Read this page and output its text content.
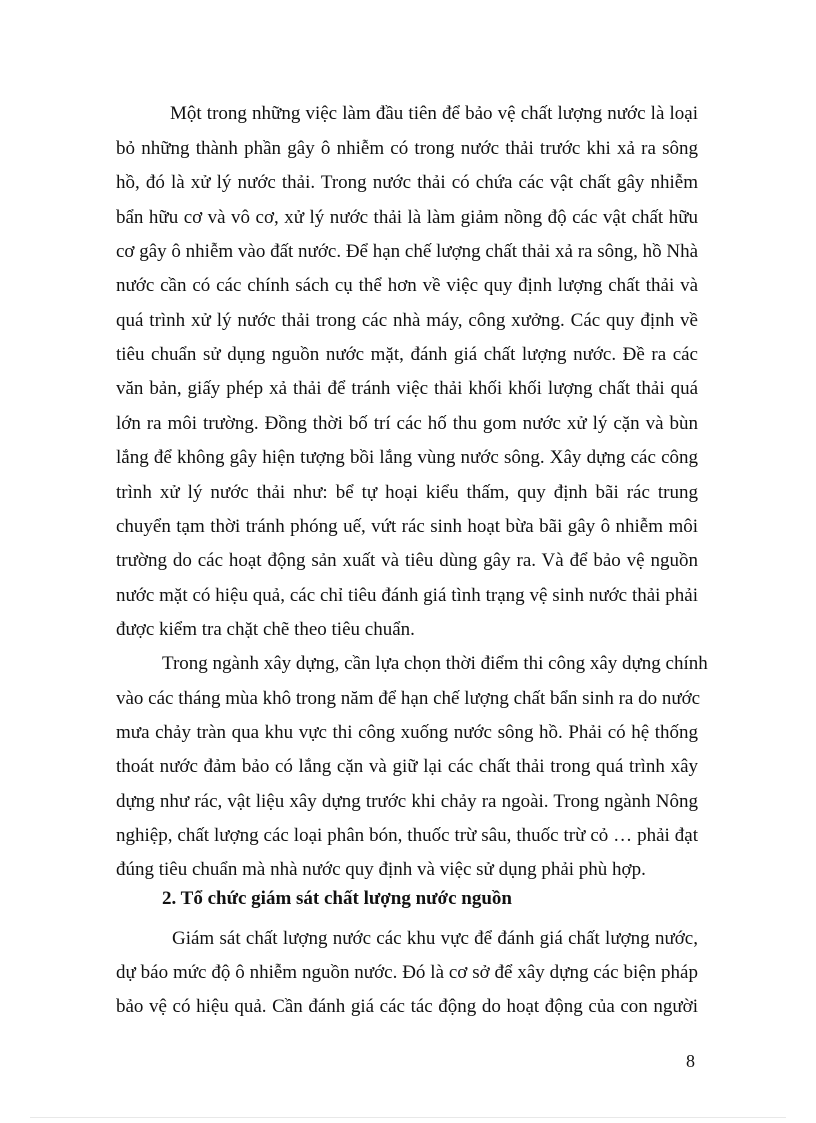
Một trong những việc làm đầu tiên để bảo vệ chất lượng nước là loại
bỏ những thành phần gây ô nhiễm có trong nước thải trước khi xả ra sông
hồ, đó là xử lý nước thải. Trong nước thải có chứa các vật chất gây nhiễm
bẩn hữu cơ và vô cơ, xử lý nước thải là làm giảm nồng độ các vật chất hữu
cơ gây ô nhiễm vào đất nước. Để hạn chế lượng chất thải xả ra sông, hồ Nhà
nước cần có các chính sách cụ thể hơn về việc quy định lượng chất thải và
quá trình xử lý nước thải trong các nhà máy, công xưởng. Các quy định về
tiêu chuẩn sử dụng nguồn nước mặt, đánh giá chất lượng nước. Đề ra các
văn bản, giấy phép xả thải để tránh việc thải khối khối lượng chất thải quá
lớn ra môi trường. Đồng thời bố trí các hố thu gom nước xử lý cặn và bùn
lắng để không gây hiện tượng bồi lắng vùng nước sông. Xây dựng các công
trình xử lý nước thải như: bể tự hoại kiểu thấm, quy định bãi rác trung
chuyển tạm thời tránh phóng uế, vứt rác sinh hoạt bừa bãi gây ô nhiễm môi
trường do các hoạt động sản xuất và tiêu dùng gây ra. Và để bảo vệ nguồn
nước mặt có hiệu quả, các chỉ tiêu đánh giá tình trạng vệ sinh nước thải phải
được kiểm tra chặt chẽ theo tiêu chuẩn.
Trong ngành xây dựng, cần lựa chọn thời điểm thi công xây dựng chính
vào các tháng mùa khô trong năm để hạn chế lượng chất bẩn sinh ra do nước
mưa chảy tràn qua khu vực thi công xuống nước sông hồ. Phải có hệ thống
thoát nước đảm bảo có lắng cặn và giữ lại các chất thải trong quá trình xây
dựng như rác, vật liệu xây dựng trước khi chảy ra ngoài. Trong ngành Nông
nghiệp, chất lượng các loại phân bón, thuốc trừ sâu, thuốc trừ cỏ … phải đạt
đúng tiêu chuẩn mà nhà nước quy định và việc sử dụng phải phù hợp.
2. Tổ chức giám sát chất lượng nước nguồn
Giám sát chất lượng nước các khu vực để đánh giá chất lượng nước,
dự báo mức độ ô nhiễm nguồn nước. Đó là cơ sở để xây dựng các biện pháp
bảo vệ có hiệu quả. Cần đánh giá các tác động do hoạt động của con người
8
